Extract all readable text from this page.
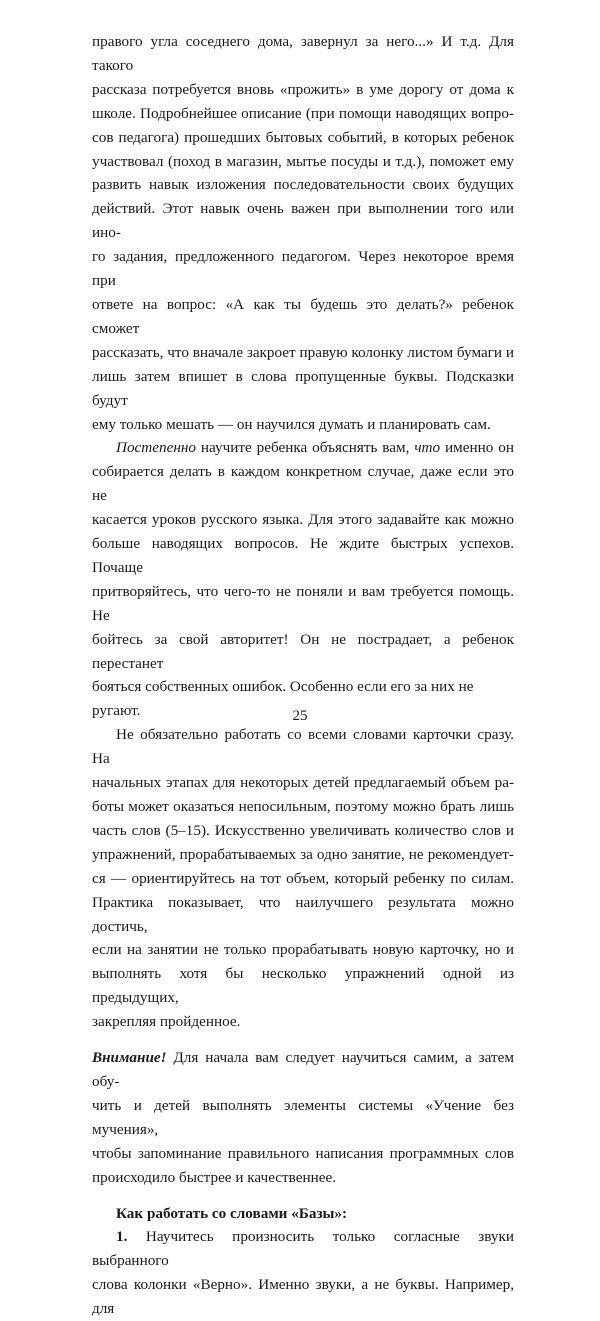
правого угла соседнего дома, завернул за него...» И т.д. Для такого
рассказа потребуется вновь «прожить» в уме дорогу от дома к
школе. Подробнейшее описание (при помощи наводящих вопро-
сов педагога) прошедших бытовых событий, в которых ребенок
участвовал (поход в магазин, мытье посуды и т.д.), поможет ему
развить навык изложения последовательности своих будущих
действий. Этот навык очень важен при выполнении того или ино-
го задания, предложенного педагогом. Через некоторое время при
ответе на вопрос: «А как ты будешь это делать?» ребенок сможет
рассказать, что вначале закроет правую колонку листом бумаги и
лишь затем впишет в слова пропущенные буквы. Подсказки будут
ему только мешать — он научился думать и планировать сам.

Постепенно научите ребенка объяснять вам, что именно он
собирается делать в каждом конкретном случае, даже если это не
касается уроков русского языка. Для этого задавайте как можно
больше наводящих вопросов. Не ждите быстрых успехов. Почаще
притворяйтесь, что чего-то не поняли и вам требуется помощь. Не
бойтесь за свой авторитет! Он не пострадает, а ребенок перестанет
бояться собственных ошибок. Особенно если его за них не ругают.

Не обязательно работать со всеми словами карточки сразу. На
начальных этапах для некоторых детей предлагаемый объем ра-
боты может оказаться непосильным, поэтому можно брать лишь
часть слов (5–15). Искусственно увеличивать количество слов и
упражнений, прорабатываемых за одно занятие, не рекомендует-
ся — ориентируйтесь на тот объем, который ребенку по силам.
Практика показывает, что наилучшего результата можно достичь,
если на занятии не только прорабатывать новую карточку, но и
выполнять хотя бы несколько упражнений одной из предыдущих,
закрепляя пройденное.

Внимание! Для начала вам следует научиться самим, а затем обу-
чить и детей выполнять элементы системы «Учение без мучения»,
чтобы запоминание правильного написания программных слов
происходило быстрее и качественнее.

Как работать со словами «Базы»:

1. Научитесь произносить только согласные звуки выбранного
слова колонки «Верно». Именно звуки, а не буквы. Например, для

25
